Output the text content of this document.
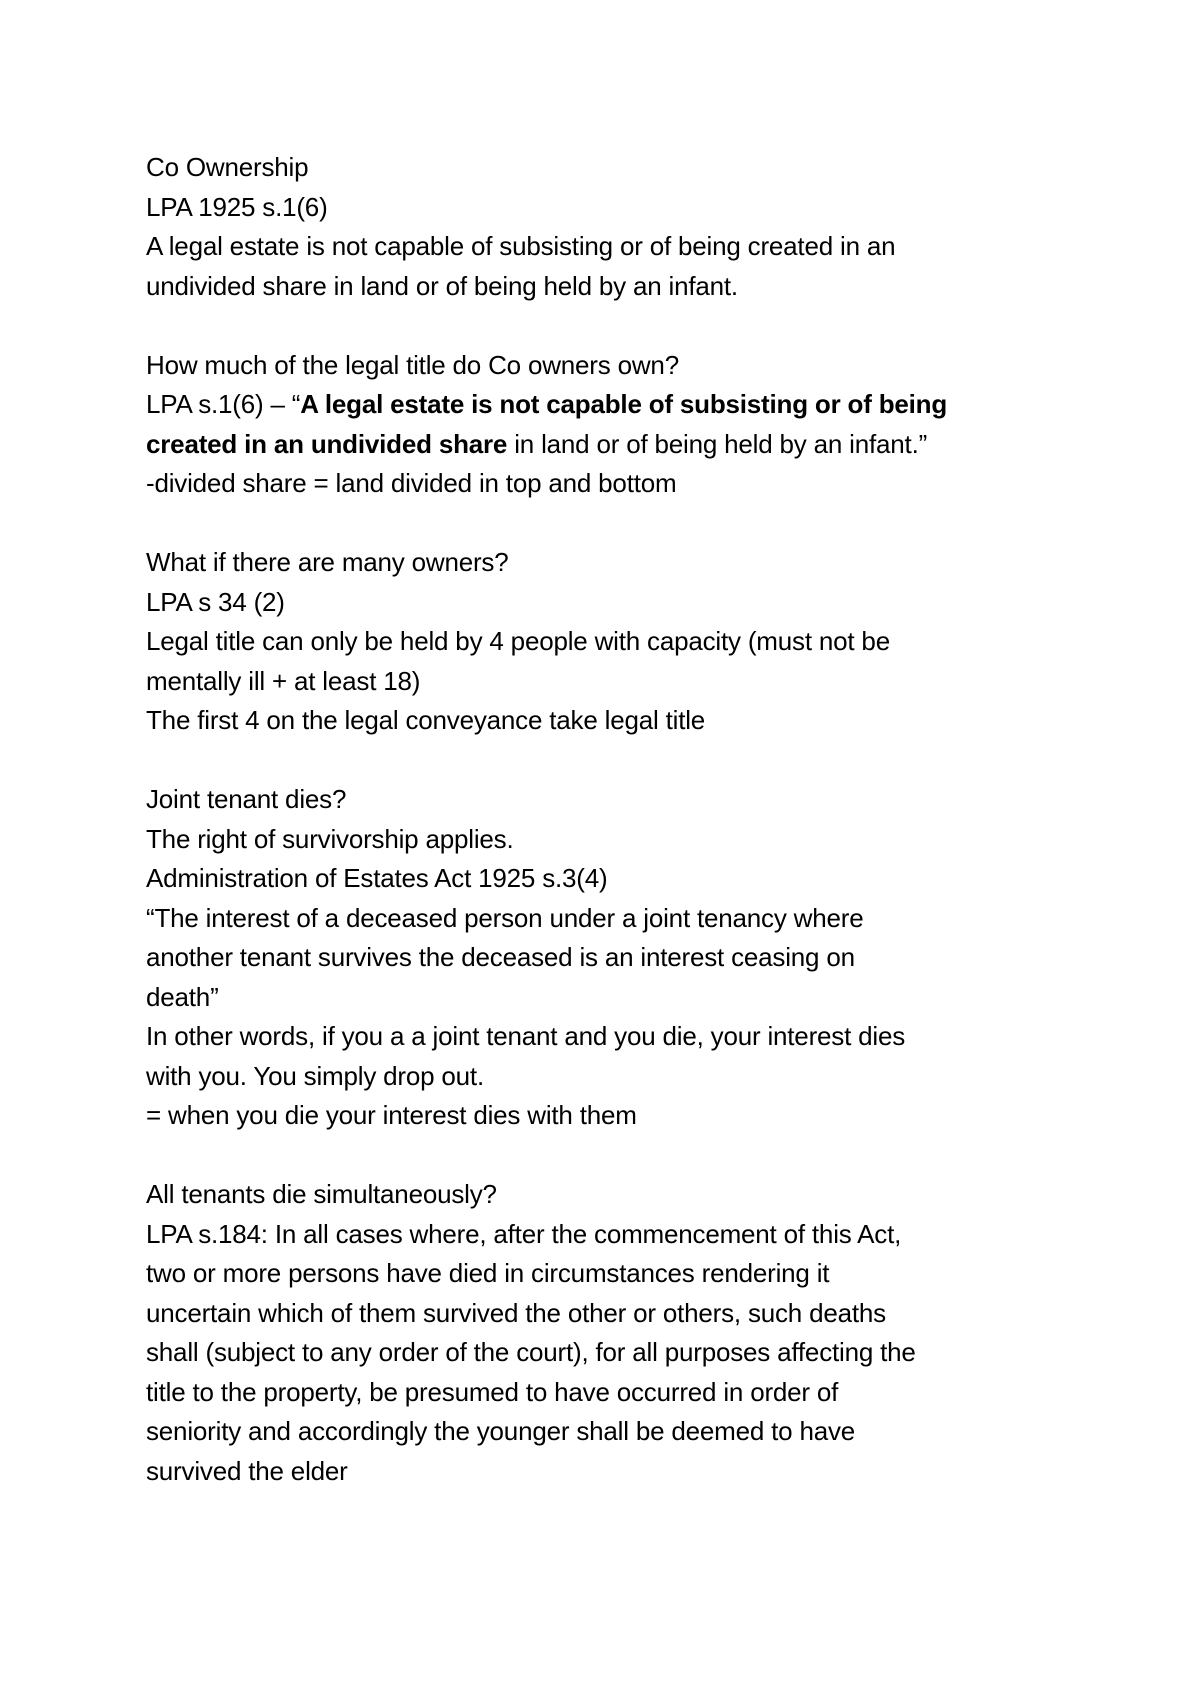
Co Ownership
LPA 1925 s.1(6)
A legal estate is not capable of subsisting or of being created in an
undivided share in land or of being held by an infant.
How much of the legal title do Co owners own?
LPA s.1(6) – “A legal estate is not capable of subsisting or of being
created in an undivided share in land or of being held by an infant.”
-divided share = land divided in top and bottom
What if there are many owners?
LPA s 34 (2)
Legal title can only be held by 4 people with capacity (must not be
mentally ill + at least 18)
The first 4 on the legal conveyance take legal title
Joint tenant dies?
The right of survivorship applies.
Administration of Estates Act 1925 s.3(4)
“The interest of a deceased person under a joint tenancy where
another tenant survives the deceased is an interest ceasing on
death”
In other words, if you a a joint tenant and you die, your interest dies
with you. You simply drop out.
= when you die your interest dies with them
All tenants die simultaneously?
LPA s.184: In all cases where, after the commencement of this Act,
two or more persons have died in circumstances rendering it
uncertain which of them survived the other or others, such deaths
shall (subject to any order of the court), for all purposes affecting the
title to the property, be presumed to have occurred in order of
seniority and accordingly the younger shall be deemed to have
survived the elder
